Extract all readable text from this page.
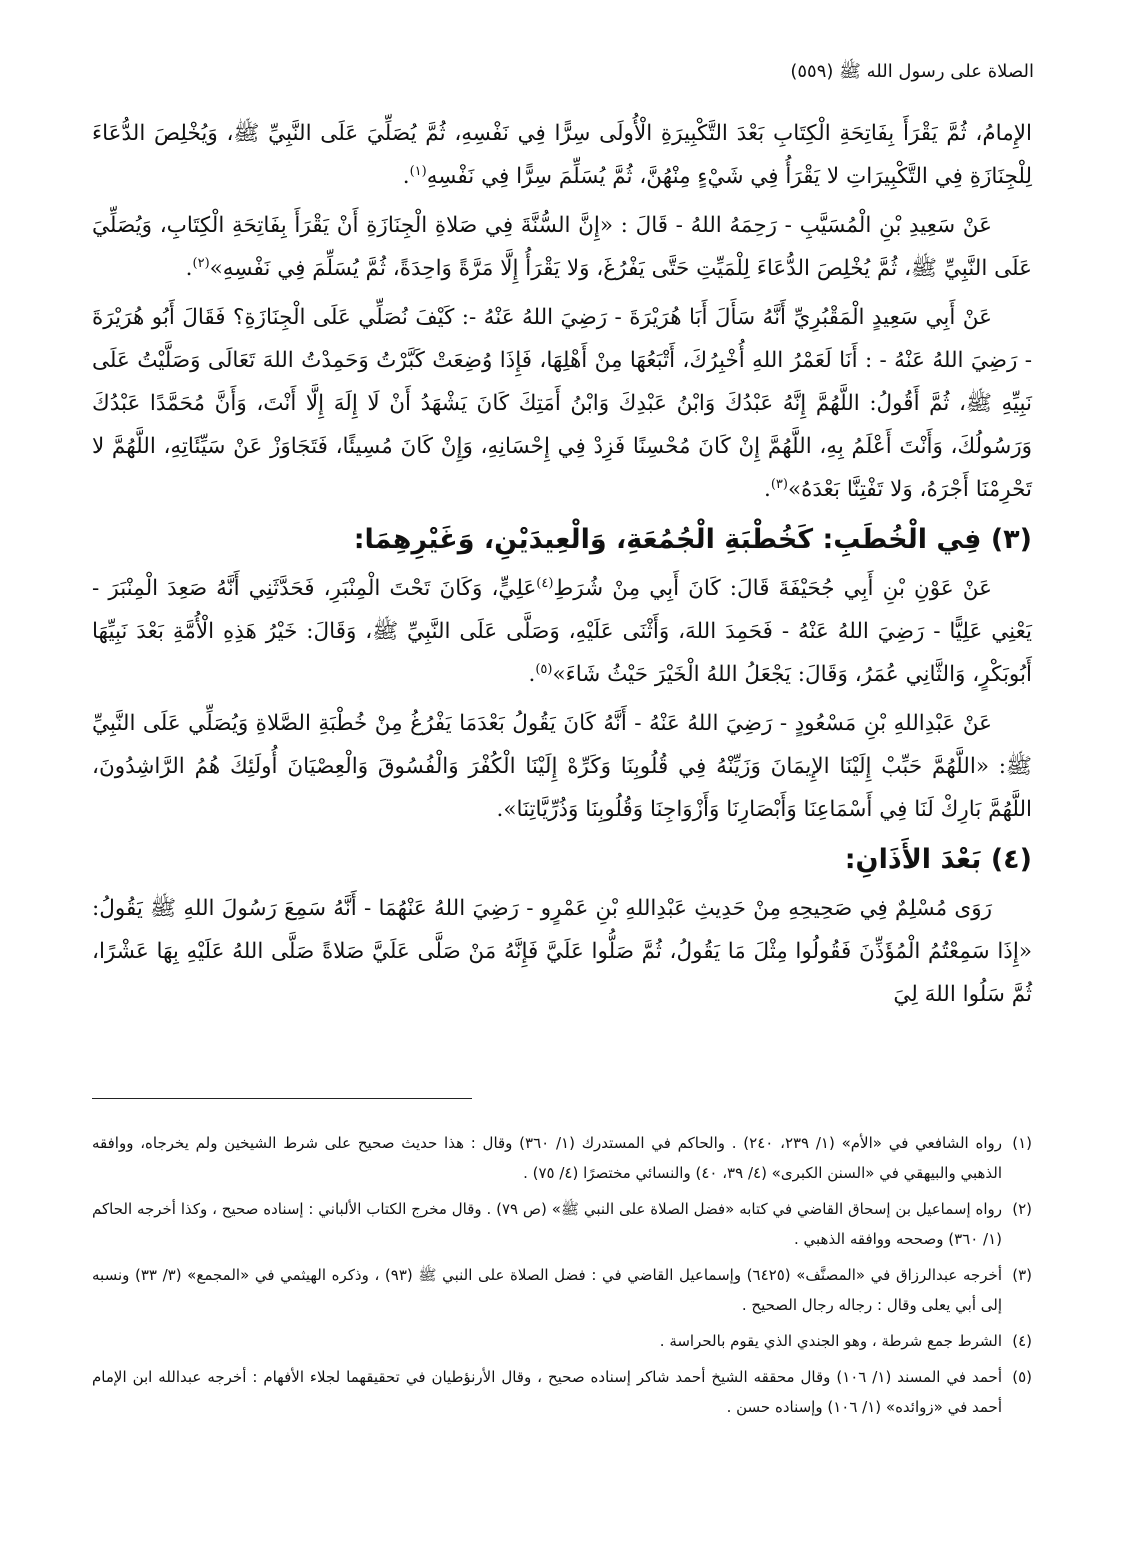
الصلاة على رسول الله ﷺ (٥٥٩)

الإِمامُ، ثُمَّ يَقْرَأَ بِفَاتِحَةِ الْكِتَابِ بَعْدَ التَّكْبِيرَةِ الْأُولَى سِرًّا فِي نَفْسِهِ، ثُمَّ يُصَلِّيَ عَلَى النَّبِيِّ ﷺ، وَيُخْلِصَ الدُّعَاءَ لِلْجِنَازَةِ فِي التَّكْبِيرَاتِ لا يَقْرَأُ فِي شَيْءٍ مِنْهُنَّ، ثُمَّ يُسَلِّمَ سِرًّا فِي نَفْسِهِ$^{(١)}$.

عَنْ سَعِيدِ بْنِ الْمُسَيَّبِ - رَحِمَهُ اللهُ - قَالَ : «إِنَّ السُّنَّةَ فِي صَلاةِ الْجِنَازَةِ أَنْ يَقْرَأَ بِفَاتِحَةِ الْكِتَابِ، وَيُصَلِّيَ عَلَى النَّبِيِّ ﷺ، ثُمَّ يُخْلِصَ الدُّعَاءَ لِلْمَيِّتِ حَتَّى يَفْرُغَ، وَلا يَقْرَأُ إِلَّا مَرَّةً وَاحِدَةً، ثُمَّ يُسَلِّمَ فِي نَفْسِهِ»$^{(٢)}$.

عَنْ أَبِي سَعِيدٍ الْمَقْبُرِيِّ أَنَّهُ سَأَلَ أَبَا هُرَيْرَةَ - رَضِيَ اللهُ عَنْهُ -: كَيْفَ نُصَلِّي عَلَى الْجِنَازَةِ؟ فَقَالَ أَبُو هُرَيْرَةَ - رَضِيَ اللهُ عَنْهُ - : أَنَا لَعَمْرُ اللهِ أُخْبِرُكَ، أَتْبَعُهَا مِنْ أَهْلِهَا، فَإِذَا وُضِعَتْ كَبَّرْتُ وَحَمِدْتُ اللهَ تَعَالَى وَصَلَّيْتُ عَلَى نَبِيِّهِ ﷺ، ثُمَّ أَقُولُ: اللَّهُمَّ إِنَّهُ عَبْدُكَ وَابْنُ عَبْدِكَ وَابْنُ أَمَتِكَ كَانَ يَشْهَدُ أَنْ لَا إِلَهَ إِلَّا أَنْتَ، وَأَنَّ مُحَمَّدًا عَبْدُكَ وَرَسُولُكَ، وَأَنْتَ أَعْلَمُ بِهِ، اللَّهُمَّ إِنْ كَانَ مُحْسِنًا فَزِدْ فِي إِحْسَانِهِ، وَإِنْ كَانَ مُسِيئًا، فَتَجَاوَزْ عَنْ سَيِّئَاتِهِ، اللَّهُمَّ لا تَحْرِمْنَا أَجْرَهُ، وَلا تَفْتِنَّا بَعْدَهُ»$^{(٣)}$.

(٣) فِي الْخُطَبِ: كَخُطْبَةِ الْجُمُعَةِ، وَالْعِيدَيْنِ، وَغَيْرِهِمَا:

عَنْ عَوْنِ بْنِ أَبِي جُحَيْفَةَ قَالَ: كَانَ أَبِي مِنْ شُرَطِ$^{(٤)}$عَلِيٍّ، وَكَانَ تَحْتَ الْمِنْبَرِ، فَحَدَّثَنِي أَنَّهُ صَعِدَ الْمِنْبَرَ - يَعْنِي عَلِيًّا - رَضِيَ اللهُ عَنْهُ - فَحَمِدَ اللهَ، وَأَثْنَى عَلَيْهِ، وَصَلَّى عَلَى النَّبِيِّ ﷺ، وَقَالَ: خَيْرُ هَذِهِ الْأُمَّةِ بَعْدَ نَبِيِّهَا أَبُوبَكْرٍ، وَالثَّانِي عُمَرُ، وَقَالَ: يَجْعَلُ اللهُ الْخَيْرَ حَيْثُ شَاءَ»$^{(٥)}$.

عَنْ عَبْدِاللهِ بْنِ مَسْعُودٍ - رَضِيَ اللهُ عَنْهُ - أَنَّهُ كَانَ يَقُولُ بَعْدَمَا يَفْرُغُ مِنْ خُطْبَةِ الصَّلاةِ وَيُصَلِّي عَلَى النَّبِيِّ ﷺ: «اللَّهُمَّ حَبِّبْ إِلَيْنَا الإِيمَانَ وَزَيِّنْهُ فِي قُلُوبِنَا وَكَرِّهْ إِلَيْنَا الْكُفْرَ وَالْفُسُوقَ وَالْعِصْيَانَ أُولَئِكَ هُمُ الرَّاشِدُونَ، اللَّهُمَّ بَارِكْ لَنَا فِي أَسْمَاعِنَا وَأَبْصَارِنَا وَأَزْوَاجِنَا وَقُلُوبِنَا وَذُرِّيَّاتِنَا».

(٤) بَعْدَ الأَذَانِ:

رَوَى مُسْلِمٌ فِي صَحِيحِهِ مِنْ حَدِيثِ عَبْدِاللهِ بْنِ عَمْرٍو - رَضِيَ اللهُ عَنْهُمَا - أَنَّهُ سَمِعَ رَسُولَ اللهِ ﷺ يَقُولُ: «إِذَا سَمِعْتُمُ الْمُؤَذِّنَ فَقُولُوا مِثْلَ مَا يَقُولُ، ثُمَّ صَلُّوا عَلَيَّ فَإِنَّهُ مَنْ صَلَّى عَلَيَّ صَلاةً صَلَّى اللهُ عَلَيْهِ بِهَا عَشْرًا، ثُمَّ سَلُوا اللهَ لِيَ

(١)
رواه الشافعي في «الأم» (١/ ٢٣٩، ٢٤٠) . والحاكم في المستدرك (١/ ٣٦٠) وقال : هذا حديث صحيح على شرط الشيخين ولم يخرجاه، ووافقه الذهبي والبيهقي في «السنن الكبرى» (٤/ ٣٩، ٤٠) والنسائي مختصرًا (٤/ ٧٥) .
(٢)
رواه إسماعيل بن إسحاق القاضي في كتابه «فضل الصلاة على النبي ﷺ» (ص ٧٩) . وقال مخرج الكتاب الألباني : إسناده صحيح ، وكذا أخرجه الحاكم (١/ ٣٦٠) وصححه ووافقه الذهبي .
(٣)
أخرجه عبدالرزاق في «المصنَّف» (٦٤٢٥) وإسماعيل القاضي في : فضل الصلاة على النبي ﷺ (٩٣) ، وذكره الهيثمي في «المجمع» (٣/ ٣٣) ونسبه إلى أبي يعلى وقال : رجاله رجال الصحيح .
(٤)
الشرط جمع شرطة ، وهو الجندي الذي يقوم بالحراسة .
(٥)
أحمد في المسند (١/ ١٠٦) وقال محققه الشيخ أحمد شاكر إسناده صحيح ، وقال الأرنؤطيان في تحقيقهما لجلاء الأفهام : أخرجه عبدالله ابن الإمام أحمد في «زوائده» (١/ ١٠٦) وإسناده حسن .
